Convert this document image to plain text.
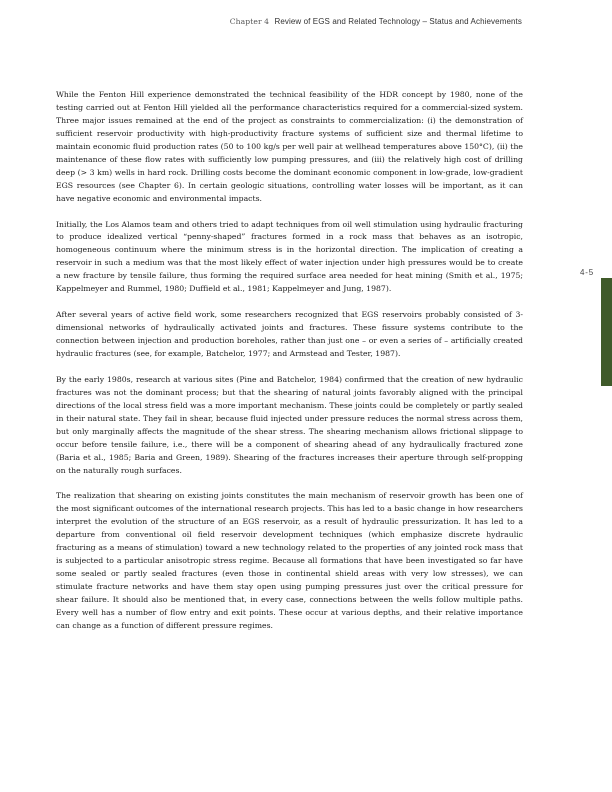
Chapter 4 Review of EGS and Related Technology – Status and Achievements
4-5

While the Fenton Hill experience demonstrated the technical feasibility of the HDR concept by 1980, none of the testing carried out at Fenton Hill yielded all the performance characteristics required for a commercial-sized system. Three major issues remained at the end of the project as constraints to commercialization: (i) the demonstration of sufficient reservoir productivity with high-productivity fracture systems of sufficient size and thermal lifetime to maintain economic fluid production rates (50 to 100 kg/s per well pair at wellhead temperatures above 150°C), (ii) the maintenance of these flow rates with sufficiently low pumping pressures, and (iii) the relatively high cost of drilling deep (> 3 km) wells in hard rock. Drilling costs become the dominant economic component in low-grade, low-gradient EGS resources (see Chapter 6). In certain geologic situations, controlling water losses will be important, as it can have negative economic and environmental impacts.

Initially, the Los Alamos team and others tried to adapt techniques from oil well stimulation using hydraulic fracturing to produce idealized vertical “penny-shaped” fractures formed in a rock mass that behaves as an isotropic, homogeneous continuum where the minimum stress is in the horizontal direction. The implication of creating a reservoir in such a medium was that the most likely effect of water injection under high pressures would be to create a new fracture by tensile failure, thus forming the required surface area needed for heat mining (Smith et al., 1975; Kappelmeyer and Rummel, 1980; Duffield et al., 1981; Kappelmeyer and Jung, 1987).

After several years of active field work, some researchers recognized that EGS reservoirs probably consisted of 3-dimensional networks of hydraulically activated joints and fractures. These fissure systems contribute to the connection between injection and production boreholes, rather than just one – or even a series of – artificially created hydraulic fractures (see, for example, Batchelor, 1977; and Armstead and Tester, 1987).

By the early 1980s, research at various sites (Pine and Batchelor, 1984) confirmed that the creation of new hydraulic fractures was not the dominant process; but that the shearing of natural joints favorably aligned with the principal directions of the local stress field was a more important mechanism. These joints could be completely or partly sealed in their natural state. They fail in shear, because fluid injected under pressure reduces the normal stress across them, but only marginally affects the magnitude of the shear stress. The shearing mechanism allows frictional slippage to occur before tensile failure, i.e., there will be a component of shearing ahead of any hydraulically fractured zone (Baria et al., 1985; Baria and Green, 1989). Shearing of the fractures increases their aperture through self-propping on the naturally rough surfaces.

The realization that shearing on existing joints constitutes the main mechanism of reservoir growth has been one of the most significant outcomes of the international research projects. This has led to a basic change in how researchers interpret the evolution of the structure of an EGS reservoir, as a result of hydraulic pressurization. It has led to a departure from conventional oil field reservoir development techniques (which emphasize discrete hydraulic fracturing as a means of stimulation) toward a new technology related to the properties of any jointed rock mass that is subjected to a particular anisotropic stress regime. Because all formations that have been investigated so far have some sealed or partly sealed fractures (even those in continental shield areas with very low stresses), we can stimulate fracture networks and have them stay open using pumping pressures just over the critical pressure for shear failure. It should also be mentioned that, in every case, connections between the wells follow multiple paths. Every well has a number of flow entry and exit points. These occur at various depths, and their relative importance can change as a function of different pressure regimes.
